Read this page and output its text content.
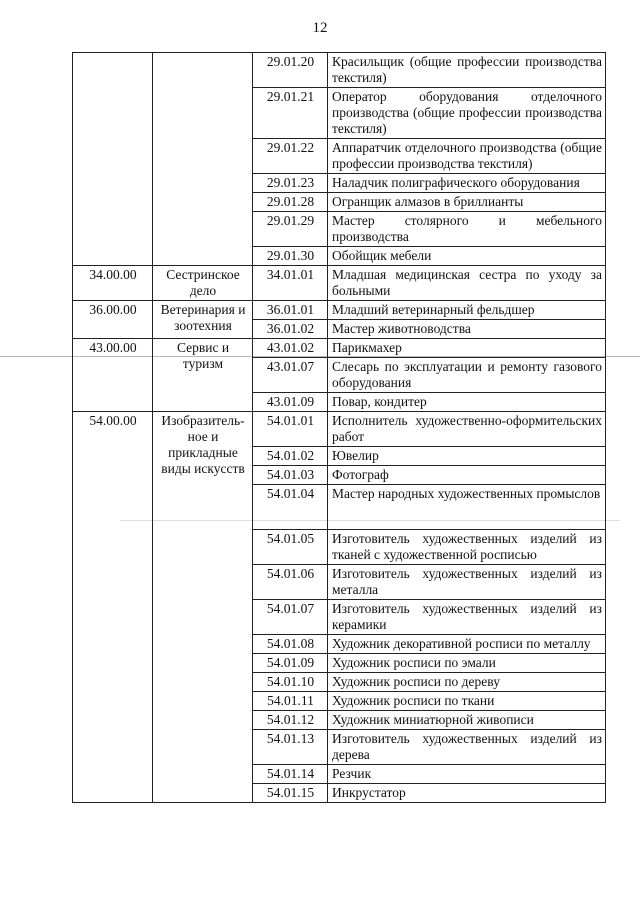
12
		29.01.20	Красильщик (общие профессии производства текстиля)
		29.01.21	Оператор оборудования отделочного производства (общие профессии производства текстиля)
		29.01.22	Аппаратчик отделочного производства (общие профессии производства текстиля)
		29.01.23	Наладчик полиграфического оборудования
		29.01.28	Огранщик алмазов в бриллианты
		29.01.29	Мастер столярного и мебельного производства
		29.01.30	Обойщик мебели
34.00.00	Сестринское дело	34.01.01	Младшая медицинская сестра по уходу за больными
36.00.00	Ветеринария и зоотехния	36.01.01	Младший ветеринарный фельдшер
		36.01.02	Мастер животноводства
43.00.00	Сервис и туризм	43.01.02	Парикмахер
		43.01.07	Слесарь по эксплуатации и ремонту газового оборудования
		43.01.09	Повар, кондитер
54.00.00	Изобразитель-ное и прикладные виды искусств	54.01.01	Исполнитель художественно-оформительских работ
		54.01.02	Ювелир
		54.01.03	Фотограф
		54.01.04	Мастер народных художественных промыслов
		54.01.05	Изготовитель художественных изделий из тканей с художественной росписью
		54.01.06	Изготовитель художественных изделий из металла
		54.01.07	Изготовитель художественных изделий из керамики
		54.01.08	Художник декоративной росписи по металлу
		54.01.09	Художник росписи по эмали
		54.01.10	Художник росписи по дереву
		54.01.11	Художник росписи по ткани
		54.01.12	Художник миниатюрной живописи
		54.01.13	Изготовитель художественных изделий из дерева
		54.01.14	Резчик
		54.01.15	Инкрустатор
